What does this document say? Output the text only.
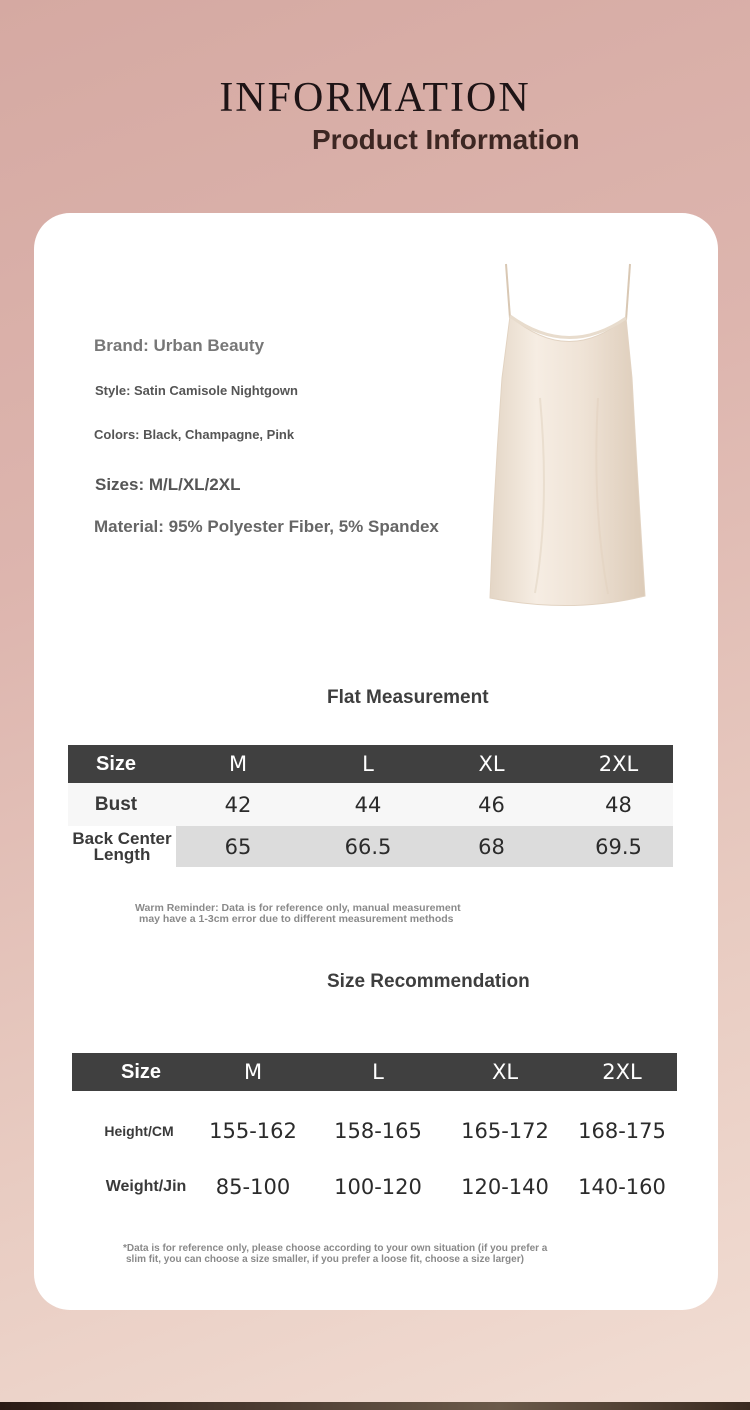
INFORMATION
Product Information
Brand: Urban Beauty
Style: Satin Camisole Nightgown
Colors: Black, Champagne, Pink
Sizes: M/L/XL/2XL
Material: 95% Polyester Fiber, 5% Spandex
Flat Measurement
Size	M	L	XL	2XL
Bust	42	44	46	48
Back Center
Length	65	66.5	68	69.5
Warm Reminder: Data is for reference only, manual measurement
may have a 1-3cm error due to different measurement methods
Size Recommendation
Size	M	L	XL	2XL
Height/CM	155-162	158-165	165-172	168-175
Weight/Jin	85-100	100-120	120-140	140-160
*Data is for reference only, please choose according to your own situation (if you prefer a
slim fit, you can choose a size smaller, if you prefer a loose fit, choose a size larger)
